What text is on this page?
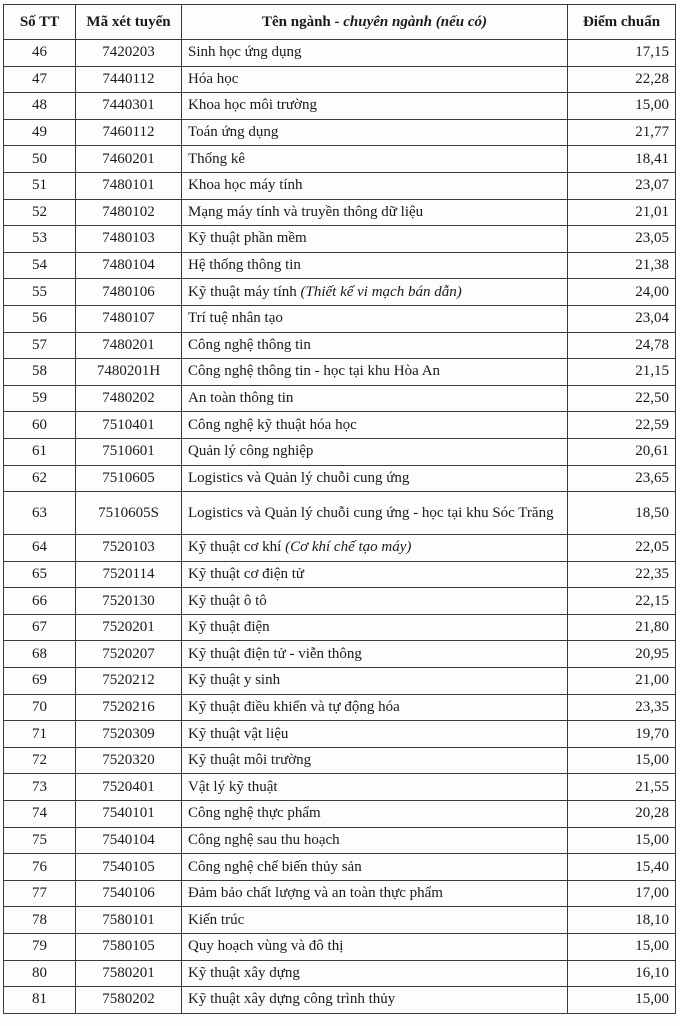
Số TT	Mã xét tuyển	Tên ngành - chuyên ngành (nếu có)	Điểm chuẩn
46	7420203	Sinh học ứng dụng	17,15
47	7440112	Hóa học	22,28
48	7440301	Khoa học môi trường	15,00
49	7460112	Toán ứng dụng	21,77
50	7460201	Thống kê	18,41
51	7480101	Khoa học máy tính	23,07
52	7480102	Mạng máy tính và truyền thông dữ liệu	21,01
53	7480103	Kỹ thuật phần mềm	23,05
54	7480104	Hệ thống thông tin	21,38
55	7480106	Kỹ thuật máy tính (Thiết kế vi mạch bán dẫn)	24,00
56	7480107	Trí tuệ nhân tạo	23,04
57	7480201	Công nghệ thông tin	24,78
58	7480201H	Công nghệ thông tin - học tại khu Hòa An	21,15
59	7480202	An toàn thông tin	22,50
60	7510401	Công nghệ kỹ thuật hóa học	22,59
61	7510601	Quản lý công nghiệp	20,61
62	7510605	Logistics và Quản lý chuỗi cung ứng	23,65
63	7510605S	Logistics và Quản lý chuỗi cung ứng - học tại khu Sóc Trăng	18,50
64	7520103	Kỹ thuật cơ khí (Cơ khí chế tạo máy)	22,05
65	7520114	Kỹ thuật cơ điện tử	22,35
66	7520130	Kỹ thuật ô tô	22,15
67	7520201	Kỹ thuật điện	21,80
68	7520207	Kỹ thuật điện tử - viễn thông	20,95
69	7520212	Kỹ thuật y sinh	21,00
70	7520216	Kỹ thuật điều khiển và tự động hóa	23,35
71	7520309	Kỹ thuật vật liệu	19,70
72	7520320	Kỹ thuật môi trường	15,00
73	7520401	Vật lý kỹ thuật	21,55
74	7540101	Công nghệ thực phẩm	20,28
75	7540104	Công nghệ sau thu hoạch	15,00
76	7540105	Công nghệ chế biến thủy sản	15,40
77	7540106	Đảm bảo chất lượng và an toàn thực phẩm	17,00
78	7580101	Kiến trúc	18,10
79	7580105	Quy hoạch vùng và đô thị	15,00
80	7580201	Kỹ thuật xây dựng	16,10
81	7580202	Kỹ thuật xây dựng công trình thủy	15,00
